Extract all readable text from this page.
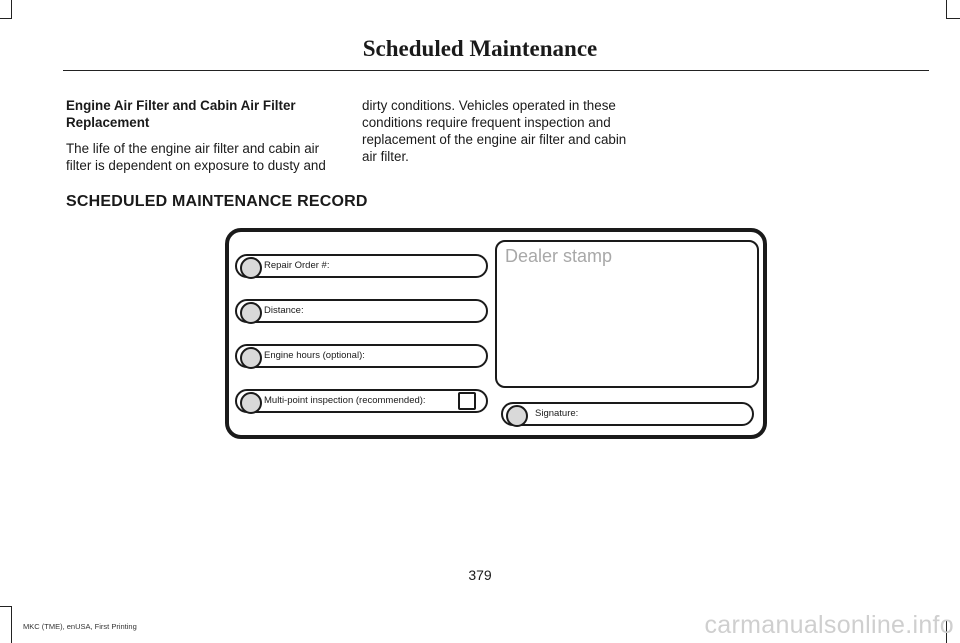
Scheduled Maintenance

Engine Air Filter and Cabin Air Filter Replacement

The life of the engine air filter and cabin air filter is dependent on exposure to dusty and

dirty conditions. Vehicles operated in these conditions require frequent inspection and replacement of the engine air filter and cabin air filter.

SCHEDULED MAINTENANCE RECORD
Repair Order #:
Distance:
Engine hours (optional):
Multi-point inspection (recommended):
Dealer stamp
Signature:
379
MKC (TME), enUSA, First Printing	carmanualsonline.info
